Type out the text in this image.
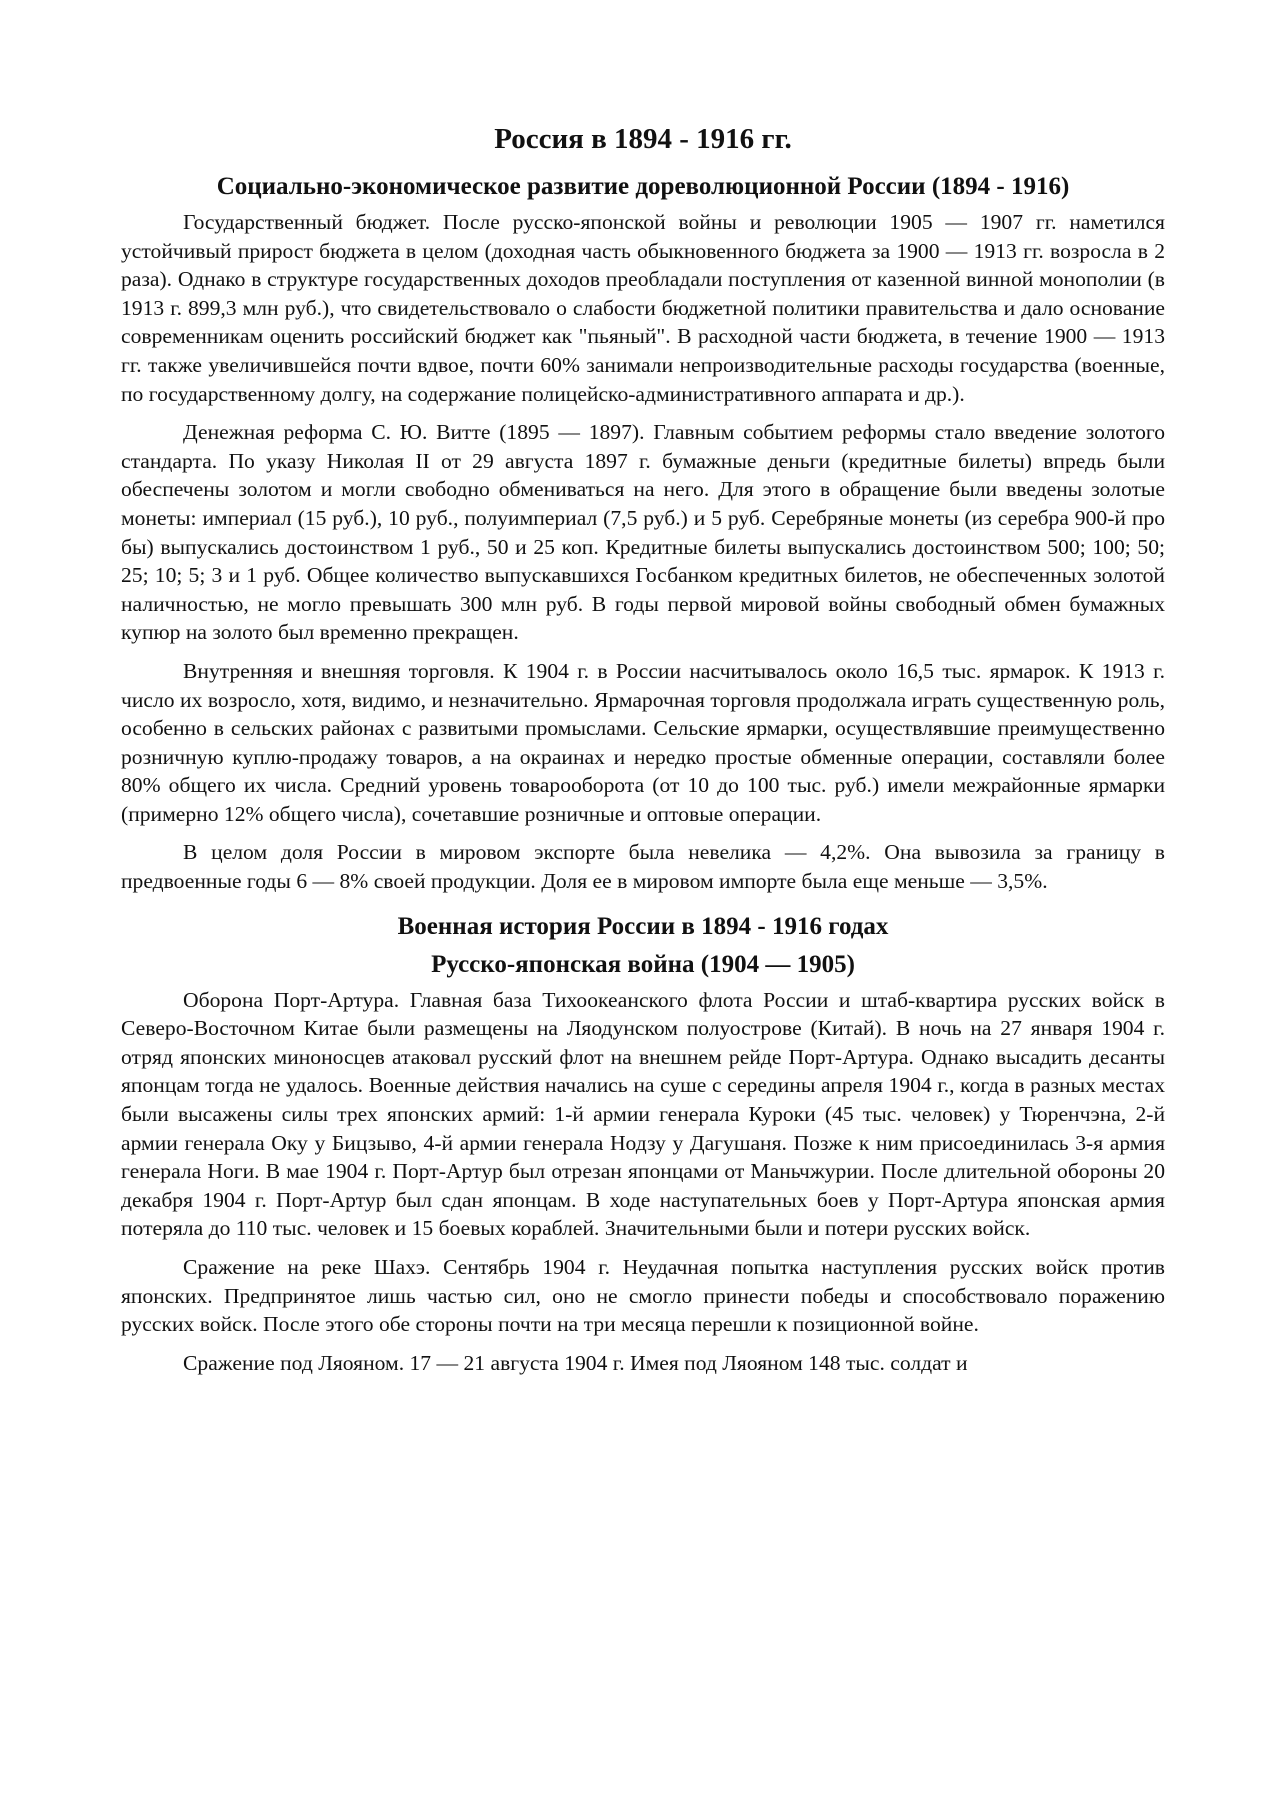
Россия в 1894 - 1916 гг.
Социально-экономическое развитие дореволюционной России (1894 - 1916)

Государственный бюджет. После русско-японской войны и революции 1905 — 1907 гг. наметился устойчивый прирост бюджета в целом (доходная часть обыкновенного бюджета за 1900 — 1913 гг. возросла в 2 раза). Однако в структуре государственных доходов преобладали поступления от казенной винной монополии (в 1913 г. 899,3 млн руб.), что свидетельствовало о слабости бюджетной политики правительства и дало основание современникам оценить российский бюджет как "пьяный". В расходной части бюджета, в течение 1900 — 1913 гг. также увеличившейся почти вдвое, почти 60% занимали непроизводительные расходы государства (военные, по государственному долгу, на содержание полицейско-административного аппарата и др.).

Денежная реформа С. Ю. Витте (1895 — 1897). Главным событием реформы стало введение золотого стандарта. По указу Николая II от 29 августа 1897 г. бумажные деньги (кредитные билеты) впредь были обеспечены золотом и могли свободно обмениваться на него. Для этого в обращение были введены золотые монеты: империал (15 руб.), 10 руб., полуимпериал (7,5 руб.) и 5 руб. Серебряные монеты (из серебра 900-й про бы) выпускались достоинством 1 руб., 50 и 25 коп. Кредитные билеты выпускались достоинством 500; 100; 50; 25; 10; 5; 3 и 1 руб. Общее количество выпускавшихся Госбанком кредитных билетов, не обеспеченных золотой наличностью, не могло превышать 300 млн руб. В годы первой мировой войны свободный обмен бумажных купюр на золото был временно прекращен.

Внутренняя и внешняя торговля. К 1904 г. в России насчитывалось около 16,5 тыс. ярмарок. К 1913 г. число их возросло, хотя, видимо, и незначительно. Ярмарочная торговля продолжала играть существенную роль, особенно в сельских районах с развитыми промыслами. Сельские ярмарки, осуществлявшие преимущественно розничную куплю-продажу товаров, а на окраинах и нередко простые обменные операции, составляли более 80% общего их числа. Средний уровень товарооборота (от 10 до 100 тыс. руб.) имели межрайонные ярмарки (примерно 12% общего числа), сочетавшие розничные и оптовые операции.

В целом доля России в мировом экспорте была невелика — 4,2%. Она вывозила за границу в предвоенные годы 6 — 8% своей продукции. Доля ее в мировом импорте была еще меньше — 3,5%.

Военная история России в 1894 - 1916 годах
Русско-японская война (1904 — 1905)

Оборона Порт-Артура. Главная база Тихоокеанского флота России и штаб-квартира русских войск в Северо-Восточном Китае были размещены на Ляодунском полуострове (Китай). В ночь на 27 января 1904 г. отряд японских миноносцев атаковал русский флот на внешнем рейде Порт-Артура. Однако высадить десанты японцам тогда не удалось. Военные действия начались на суше с середины апреля 1904 г., когда в разных местах были высажены силы трех японских армий: 1-й армии генерала Куроки (45 тыс. человек) у Тюренчэна, 2-й армии генерала Оку у Бицзыво, 4-й армии генерала Нодзу у Дагушаня. Позже к ним присоединилась 3-я армия генерала Ноги. В мае 1904 г. Порт-Артур был отрезан японцами от Маньчжурии. После длительной обороны 20 декабря 1904 г. Порт-Артур был сдан японцам. В ходе наступательных боев у Порт-Артура японская армия потеряла до 110 тыс. человек и 15 боевых кораблей. Значительными были и потери русских войск.

Сражение на реке Шахэ. Сентябрь 1904 г. Неудачная попытка наступления русских войск против японских. Предпринятое лишь частью сил, оно не смогло принести победы и способствовало поражению русских войск. После этого обе стороны почти на три месяца перешли к позиционной войне.

Сражение под Ляояном. 17 — 21 августа 1904 г. Имея под Ляояном 148 тыс. солдат и
